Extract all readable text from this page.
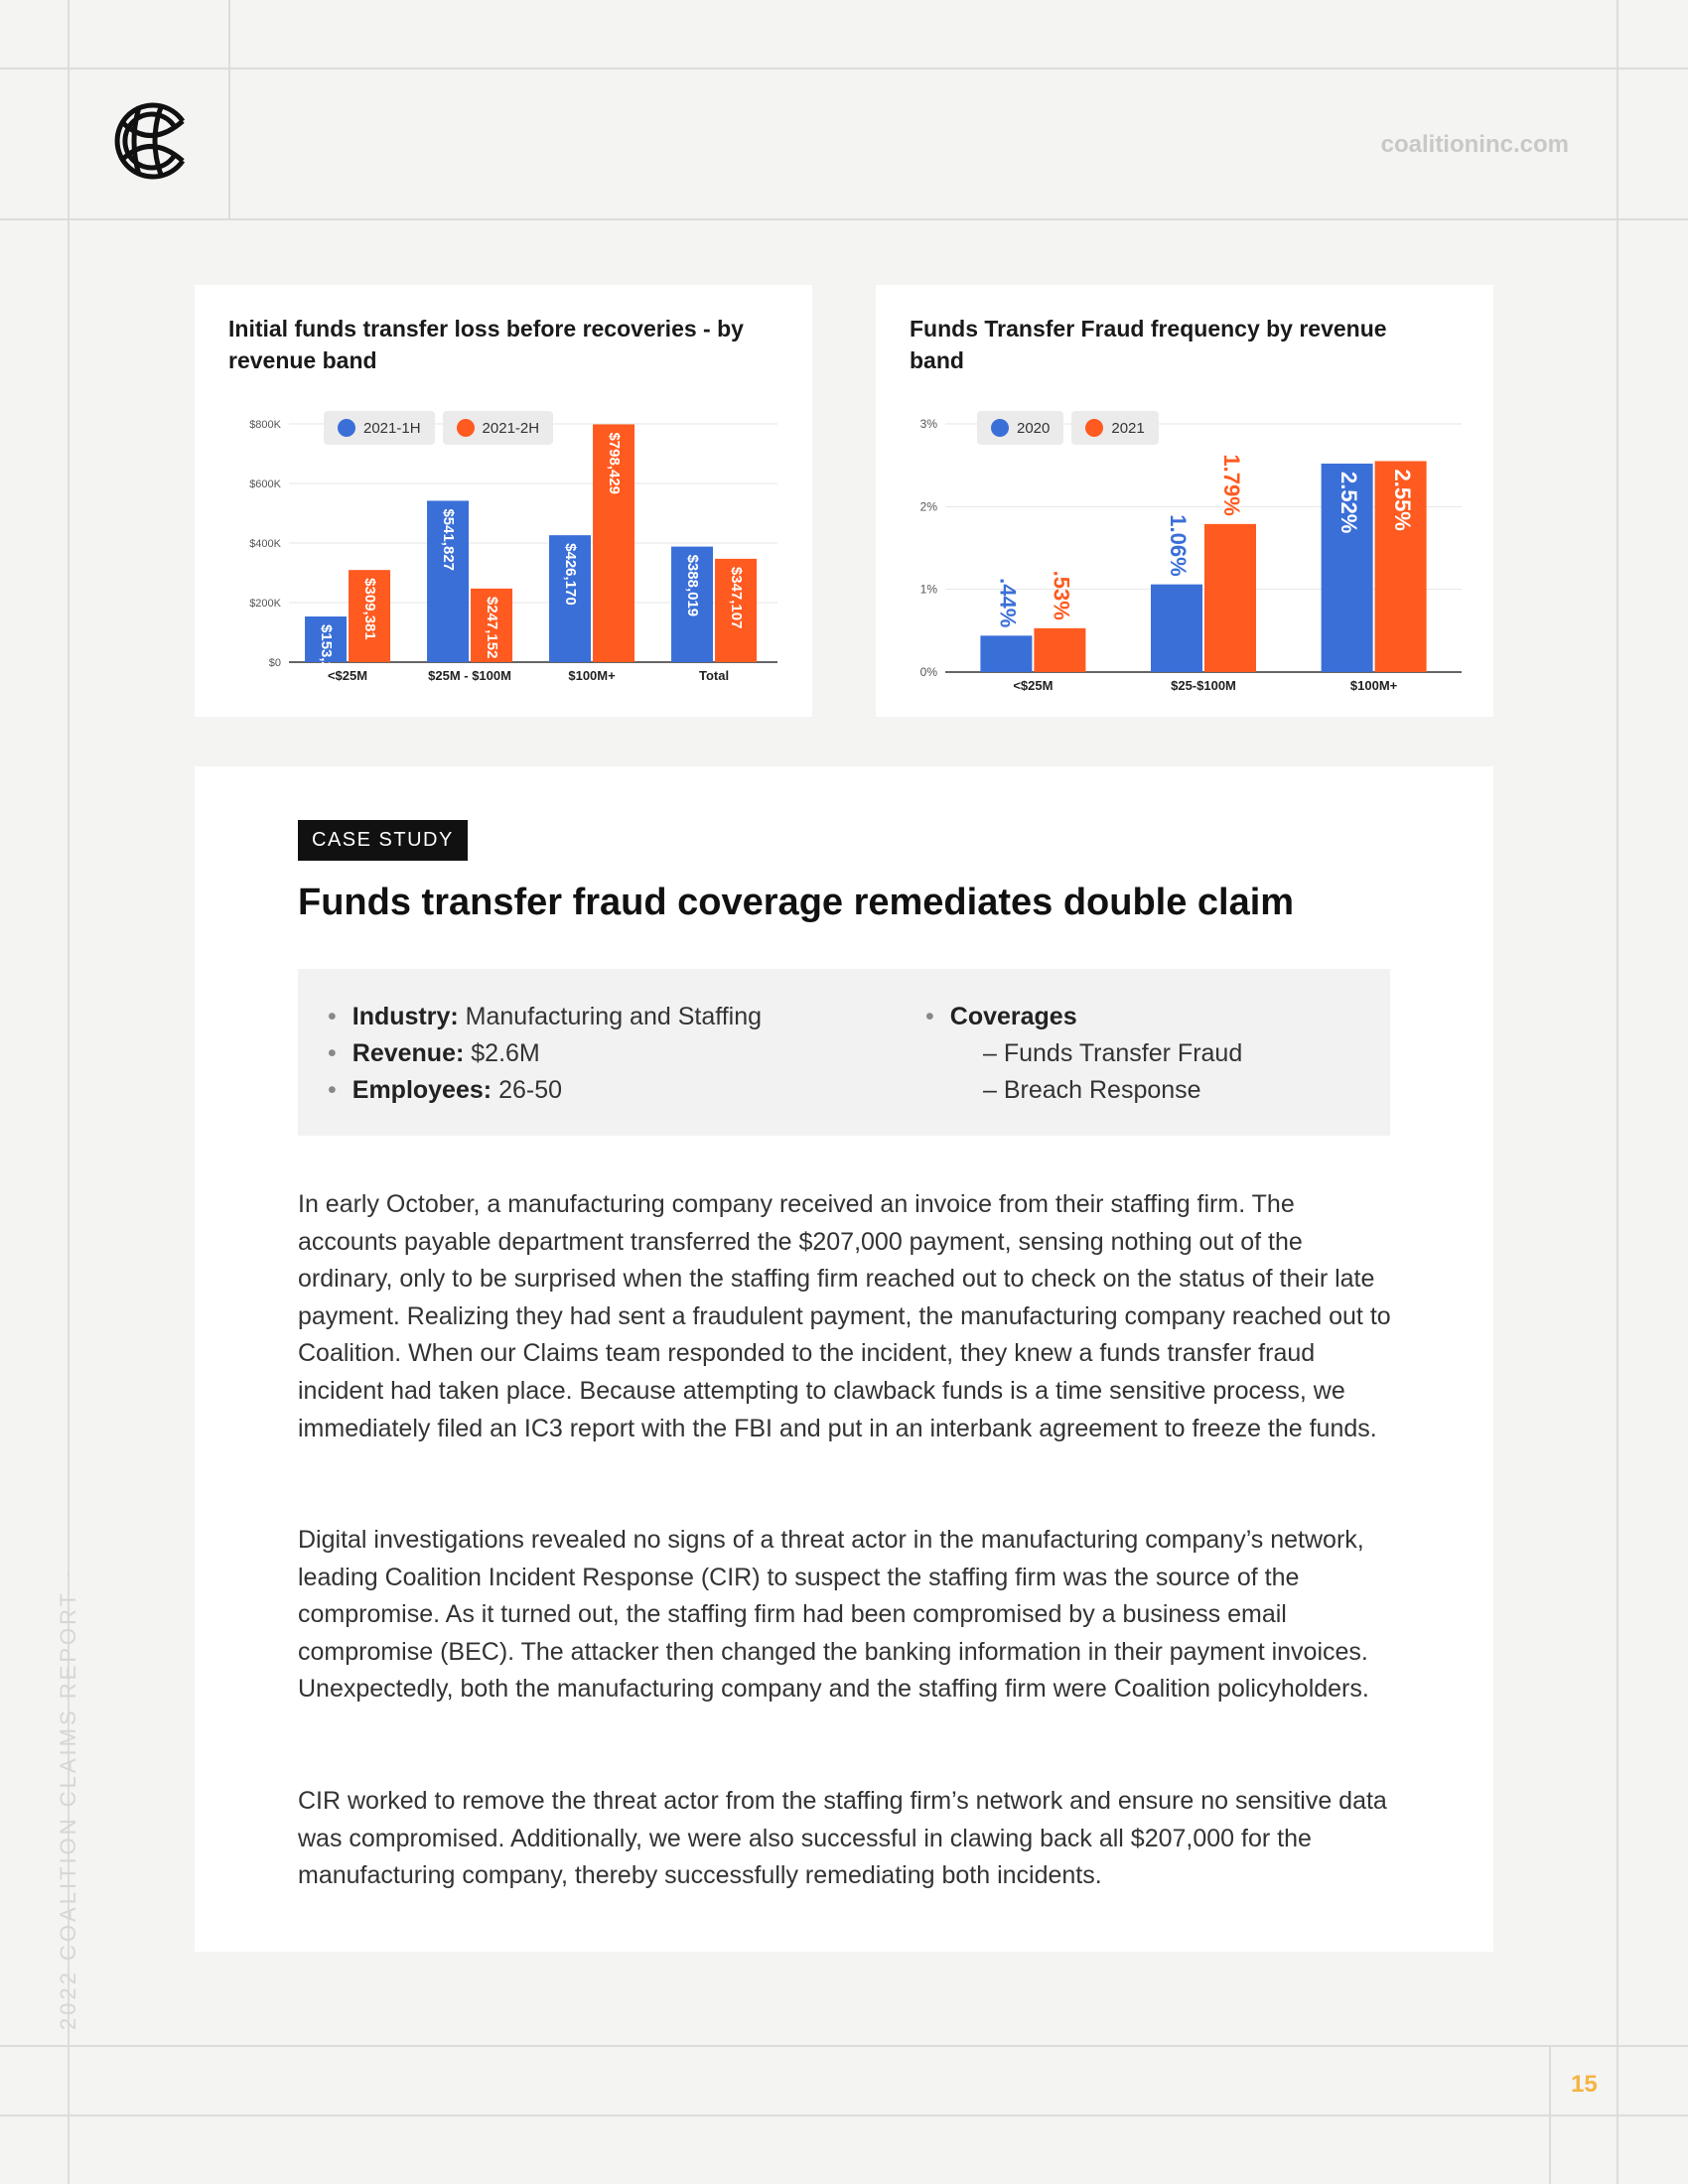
coalitioninc.com
2022 COALITION CLAIMS REPORT
15
Initial funds transfer loss before recoveries - by revenue band
$0
$200K
$400K
$600K
$800K
$153,289
$309,381
<$25M
$541,827
$247,152
$25M - $100M
$426,170
$798,429
$100M+
$388,019 $347,107
Total
2021-1H	2021-2H
Funds Transfer Fraud frequency by revenue band
0%
1%
2%
3%
.44% .53%
<$25M
1.06%
1.79%
$25-$100M
2.52% 2.55%
$100M+
2020	2021
CASE STUDY
Funds transfer fraud coverage remediates double claim
• Industry: Manufacturing and Staffing
• Revenue: $2.6M
• Employees: 26-50
• Coverages
– Funds Transfer Fraud
– Breach Response

In early October, a manufacturing company received an invoice from their staffing firm. The accounts payable department transferred the $207,000 payment, sensing nothing out of the ordinary, only to be surprised when the staffing firm reached out to check on the status of their late payment. Realizing they had sent a fraudulent payment, the manufacturing company reached out to Coalition. When our Claims team responded to the incident, they knew a funds transfer fraud incident had taken place. Because attempting to clawback funds is a time sensitive process, we immediately filed an IC3 report with the FBI and put in an interbank agreement to freeze the funds.

Digital investigations revealed no signs of a threat actor in the manufacturing company’s network, leading Coalition Incident Response (CIR) to suspect the staffing firm was the source of the compromise. As it turned out, the staffing firm had been compromised by a business email compromise (BEC). The attacker then changed the banking information in their payment invoices. Unexpectedly, both the manufacturing company and the staffing firm were Coalition policyholders.

CIR worked to remove the threat actor from the staffing firm’s network and ensure no sensitive data was compromised. Additionally, we were also successful in clawing back all $207,000 for the manufacturing company, thereby successfully remediating both incidents.
